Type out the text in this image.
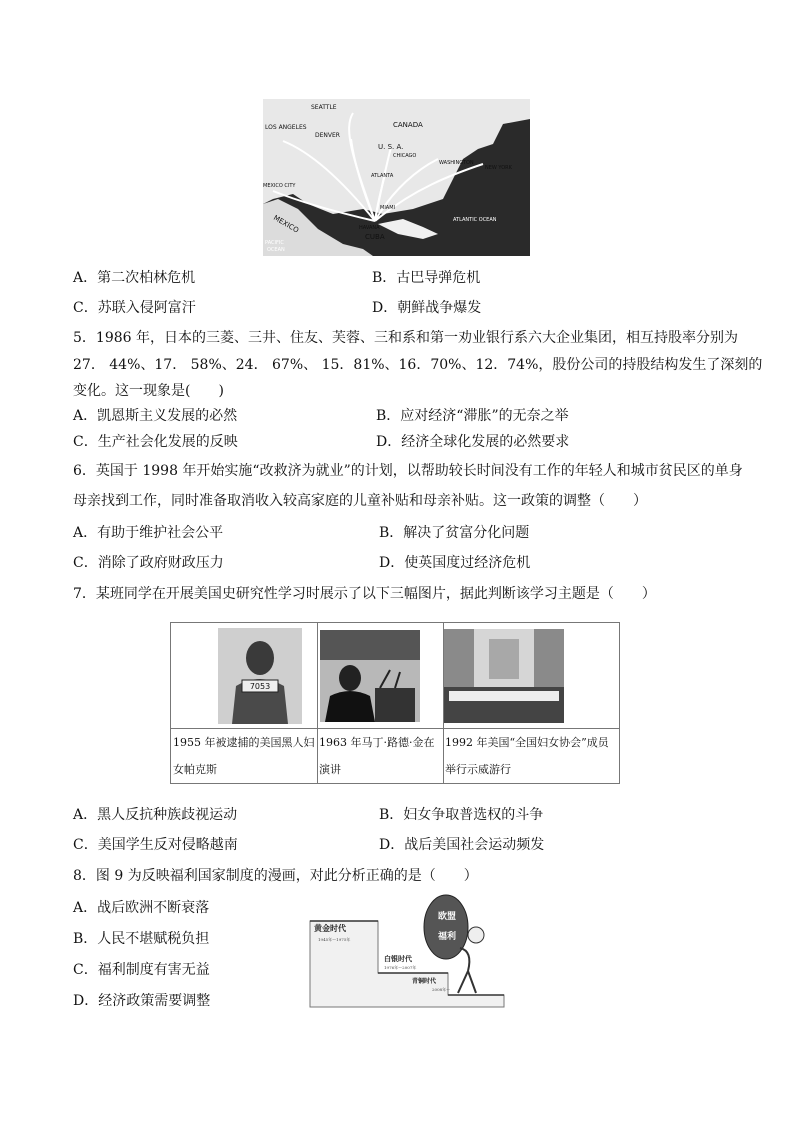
SEATTLE
LOS ANGELES
DENVER
CANADA
U. S. A.
CHICAGO
WASHINGTON
NEW YORK
ATLANTA
MEXICO CITY
MIAMI
MEXICO	HAVANA
ATLANTIC OCEAN
CUBA
PACIFIC
OCEAN
A．第二次柏林危机	B．古巴导弹危机
C．苏联入侵阿富汗	D．朝鲜战争爆发
5．1986 年，日本的三菱、三井、住友、芙蓉、三和系和第一劝业银行系六大企业集团，相互持股率分别为
27． 44%、17． 58%、24． 67%、 15．81%、16．70%、12．74%，股份公司的持股结构发生了深刻的
变化。这一现象是(　　)
A．凯恩斯主义发展的必然	B．应对经济“滞胀”的无奈之举
C．生产社会化发展的反映	D．经济全球化发展的必然要求
6．英国于 1998 年开始实施“改救济为就业”的计划，以帮助较长时间没有工作的年轻人和城市贫民区的单身
母亲找到工作，同时准备取消收入较高家庭的儿童补贴和母亲补贴。这一政策的调整（　　）
A．有助于维护社会公平	B．解决了贫富分化问题
C．消除了政府财政压力	D．使英国度过经济危机
7．某班同学在开展美国史研究性学习时展示了以下三幅图片，据此判断该学习主题是（　　）
7053
1955 年被逮捕的美国黑人妇
女帕克斯
1963 年马丁·路德·金在
演讲
1992 年美国“全国妇女协会”成员
举行示威游行
A．黑人反抗种族歧视运动	B．妇女争取普选权的斗争
C．美国学生反对侵略越南	D．战后美国社会运动频发
8．图 9 为反映福利国家制度的漫画，对此分析正确的是（　　）
A．战后欧洲不断衰落
B．人民不堪赋税负担
C．福利制度有害无益
D．经济政策需要调整
黄金时代
1945年～1975年
白银时代
1976年～2007年
青铜时代
2008年～
欧盟
福利
